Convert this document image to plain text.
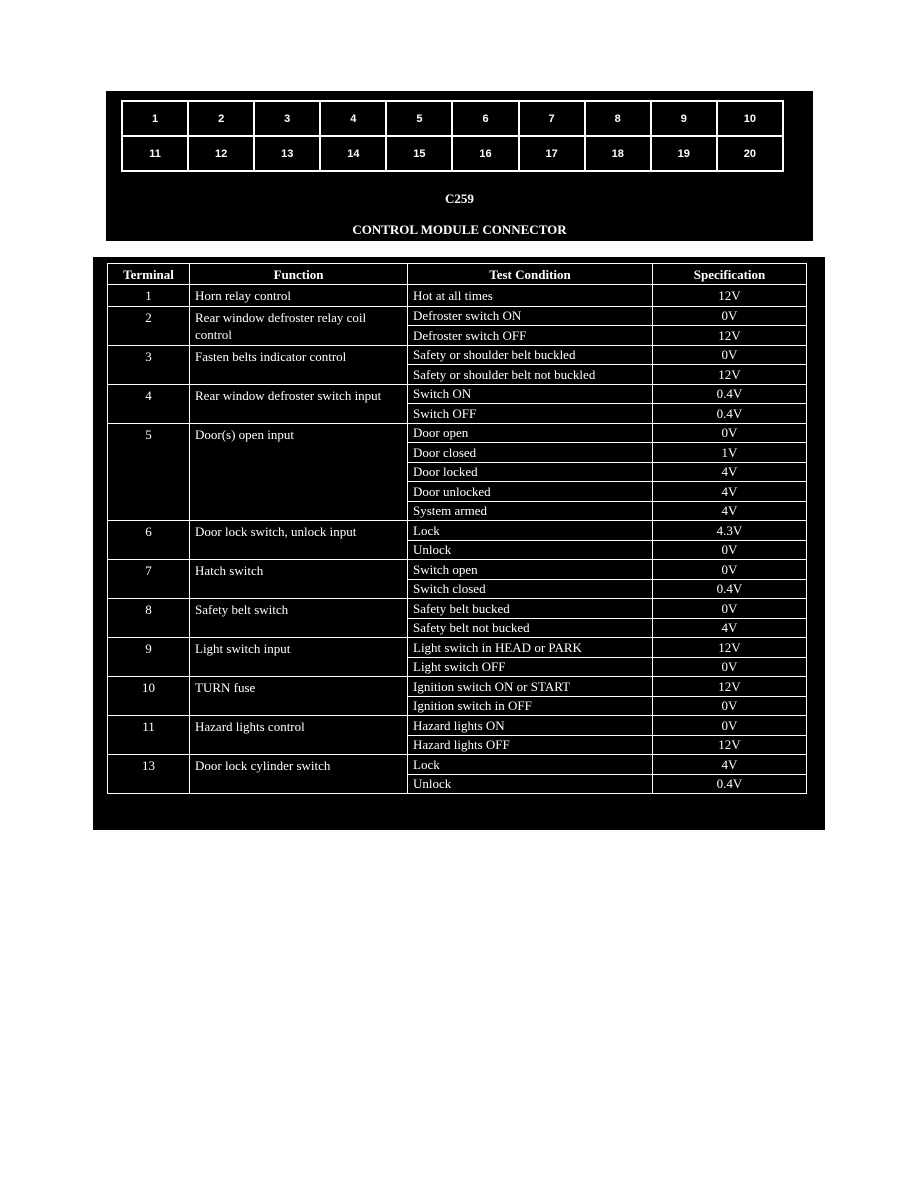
1	2	3	4	5	6	7	8	9	10
11	12	13	14	15	16	17	18	19	20
C259
CONTROL MODULE CONNECTOR
Terminal	Function	Test Condition	Specification
1	Horn relay control	Hot at all times	12V
2	Rear window defroster relay coil control	Defroster switch ON	0V
		Defroster switch OFF	12V
3	Fasten belts indicator control	Safety or shoulder belt buckled	0V
		Safety or shoulder belt not buckled	12V
4	Rear window defroster switch input	Switch ON	0.4V
		Switch OFF	0.4V
5	Door(s) open input	Door open	0V
		Door closed	1V
		Door locked	4V
		Door unlocked	4V
		System armed	4V
6	Door lock switch, unlock input	Lock	4.3V
		Unlock	0V
7	Hatch switch	Switch open	0V
		Switch closed	0.4V
8	Safety belt switch	Safety belt bucked	0V
		Safety belt not bucked	4V
9	Light switch input	Light switch in HEAD or PARK	12V
		Light switch OFF	0V
10	TURN fuse	Ignition switch ON or START	12V
		Ignition switch in OFF	0V
11	Hazard lights control	Hazard lights ON	0V
		Hazard lights OFF	12V
13	Door lock cylinder switch	Lock	4V
		Unlock	0.4V
